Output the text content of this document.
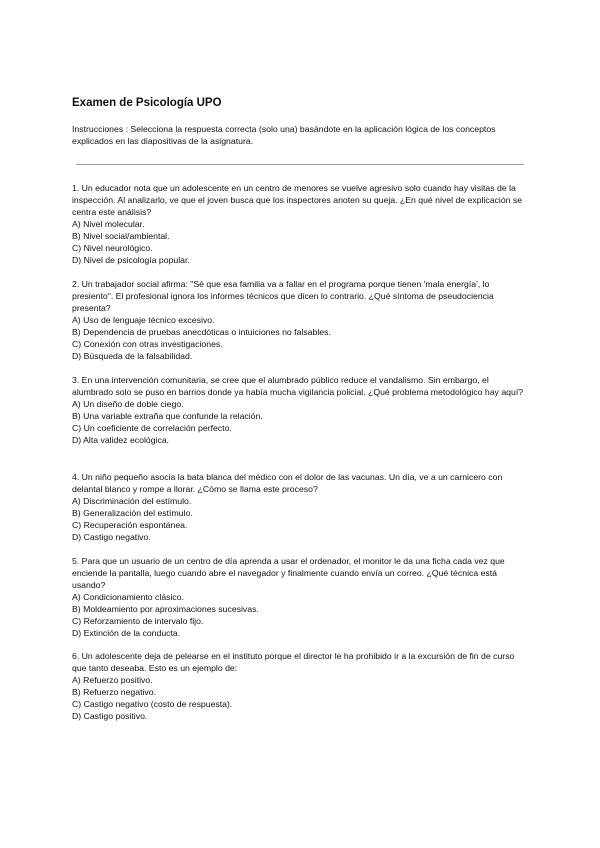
Examen de Psicología UPO
Instrucciones : Selecciona la respuesta correcta (solo una) basándote en la aplicación lógica de los conceptos explicados en las diapositivas de la asignatura.

1. Un educador nota que un adolescente en un centro de menores se vuelve agresivo solo cuando hay visitas de la inspección. Al analizarlo, ve que el joven busca que los inspectores anoten su queja. ¿En qué nivel de explicación se centra este análisis?

A) Nivel molecular.
B) Nivel social/ambiental.
C) Nivel neurológico.
D) Nivel de psicología popular.

2. Un trabajador social afirma: "Sé que esa familia va a fallar en el programa porque tienen 'mala energía', lo presiento". El profesional ignora los informes técnicos que dicen lo contrario. ¿Qué síntoma de pseudociencia presenta?

A) Uso de lenguaje técnico excesivo.
B) Dependencia de pruebas anecdóticas o intuiciones no falsables.
C) Conexión con otras investigaciones.
D) Búsqueda de la falsabilidad.

3. En una intervención comunitaria, se cree que el alumbrado público reduce el vandalismo. Sin embargo, el alumbrado solo se puso en barrios donde ya había mucha vigilancia policial. ¿Qué problema metodológico hay aquí?

A) Un diseño de doble ciego.
B) Una variable extraña que confunde la relación.
C) Un coeficiente de correlación perfecto.
D) Alta validez ecológica.

4. Un niño pequeño asocia la bata blanca del médico con el dolor de las vacunas. Un día, ve a un carnicero con delantal blanco y rompe a llorar. ¿Cómo se llama este proceso?

A) Discriminación del estímulo.
B) Generalización del estímulo.
C) Recuperación espontánea.
D) Castigo negativo.

5. Para que un usuario de un centro de día aprenda a usar el ordenador, el monitor le da una ficha cada vez que enciende la pantalla, luego cuando abre el navegador y finalmente cuando envía un correo. ¿Qué técnica está usando?

A) Condicionamiento clásico.
B) Moldeamiento por aproximaciones sucesivas.
C) Reforzamiento de intervalo fijo.
D) Extinción de la conducta.

6. Un adolescente deja de pelearse en el instituto porque el director le ha prohibido ir a la excursión de fin de curso que tanto deseaba. Esto es un ejemplo de:

A) Refuerzo positivo.
B) Refuerzo negativo.
C) Castigo negativo (costo de respuesta).
D) Castigo positivo.
